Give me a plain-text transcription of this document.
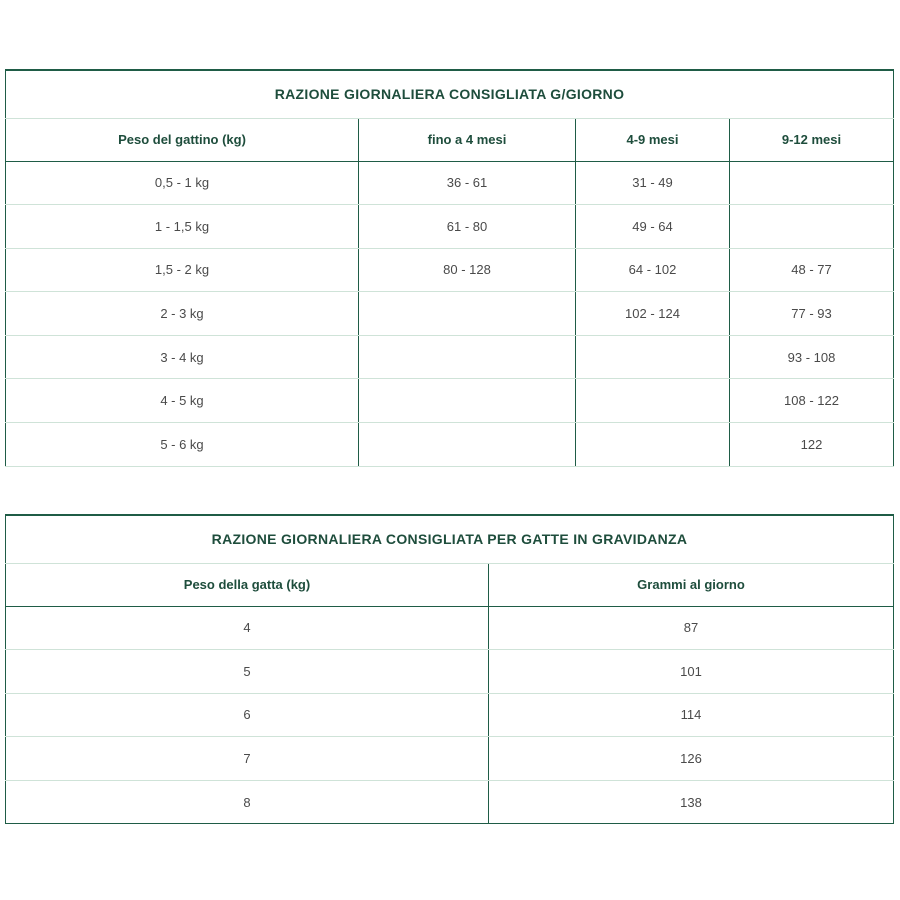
RAZIONE GIORNALIERA CONSIGLIATA G/GIORNO			
Peso del gattino (kg)	fino a 4 mesi	4-9 mesi	9-12 mesi
0,5 - 1 kg	36 - 61	31 - 49	
1 - 1,5 kg	61 - 80	49 - 64	
1,5 - 2 kg	80 - 128	64 - 102	48 - 77
2 - 3 kg		102 - 124	77 - 93
3 - 4 kg			93 - 108
4 - 5 kg			108 - 122
5 - 6 kg			122
RAZIONE GIORNALIERA CONSIGLIATA PER GATTE IN GRAVIDANZA	
Peso della gatta (kg)	Grammi al giorno
4	87
5	101
6	114
7	126
8	138
